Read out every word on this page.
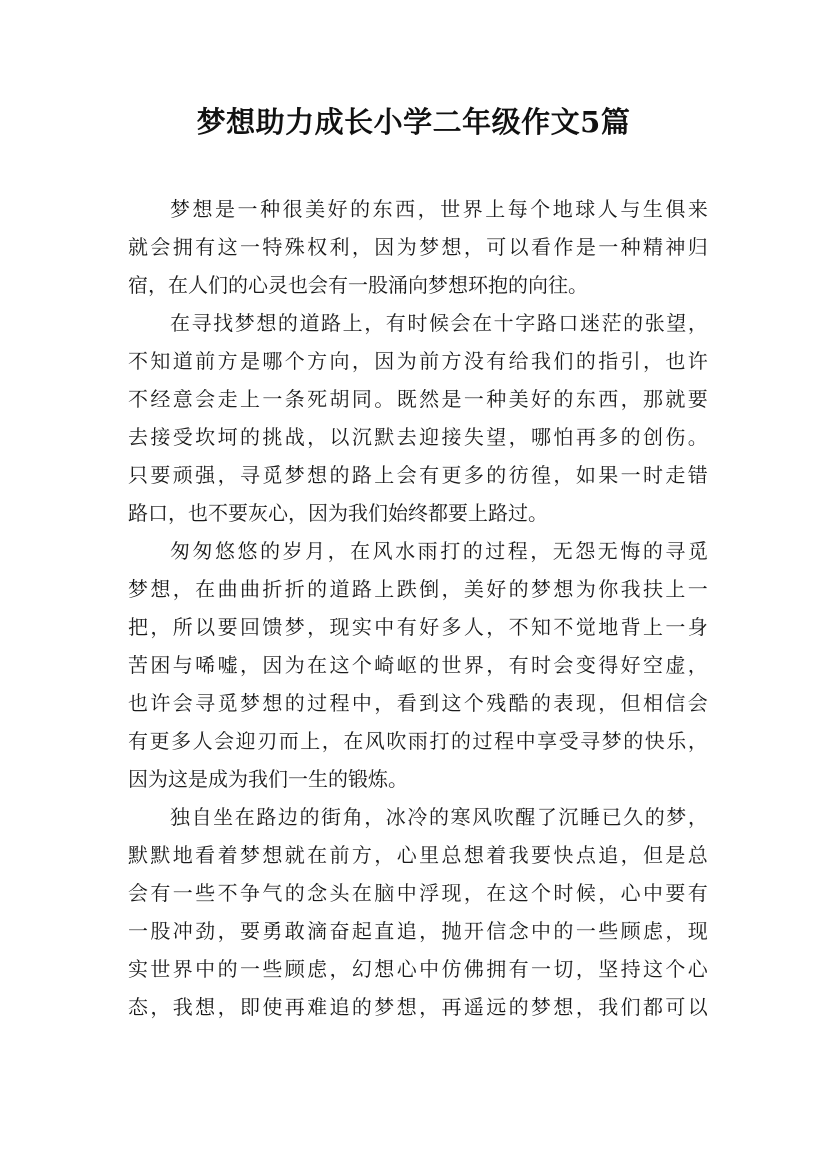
梦想助力成长小学二年级作文5篇
梦 想 是 一 种 很 美 好 的 东 西 ， 世 界 上 每 个 地 球 人 与 生 俱 来
就 会 拥 有 这 一 特 殊 权 利 ， 因 为 梦 想 ， 可 以 看 作 是 一 种 精 神 归
宿 ， 在 人 们 的 心 灵 也 会 有 一 股 涌 向 梦 想 环 抱 的 向 往 。
在 寻 找 梦 想 的 道 路 上 ， 有 时 候 会 在 十 字 路 口 迷 茫 的 张 望 ，
不 知 道 前 方 是 哪 个 方 向 ， 因 为 前 方 没 有 给 我 们 的 指 引 ， 也 许
不 经 意 会 走 上 一 条 死 胡 同 。 既 然 是 一 种 美 好 的 东 西 ， 那 就 要
去 接 受 坎 坷 的 挑 战 ， 以 沉 默 去 迎 接 失 望 ， 哪 怕 再 多 的 创 伤 。
只 要 顽 强 ， 寻 觅 梦 想 的 路 上 会 有 更 多 的 彷 徨 ， 如 果 一 时 走 错
路 口 ， 也 不 要 灰 心 ， 因 为 我 们 始 终 都 要 上 路 过 。
匆 匆 悠 悠 的 岁 月 ， 在 风 水 雨 打 的 过 程 ， 无 怨 无 悔 的 寻 觅
梦 想 ， 在 曲 曲 折 折 的 道 路 上 跌 倒 ， 美 好 的 梦 想 为 你 我 扶 上 一
把 ， 所 以 要 回 馈 梦 ， 现 实 中 有 好 多 人 ， 不 知 不 觉 地 背 上 一 身
苦 困 与 唏 嘘 ， 因 为 在 这 个 崎 岖 的 世 界 ， 有 时 会 变 得 好 空 虚 ，
也 许 会 寻 觅 梦 想 的 过 程 中 ， 看 到 这 个 残 酷 的 表 现 ， 但 相 信 会
有 更 多 人 会 迎 刃 而 上 ， 在 风 吹 雨 打 的 过 程 中 享 受 寻 梦 的 快 乐 ，
因 为 这 是 成 为 我 们 一 生 的 锻 炼 。
独 自 坐 在 路 边 的 街 角 ， 冰 冷 的 寒 风 吹 醒 了 沉 睡 已 久 的 梦 ，
默 默 地 看 着 梦 想 就 在 前 方 ， 心 里 总 想 着 我 要 快 点 追 ， 但 是 总
会 有 一 些 不 争 气 的 念 头 在 脑 中 浮 现 ， 在 这 个 时 候 ， 心 中 要 有
一 股 冲 劲 ， 要 勇 敢 滴 奋 起 直 追 ， 抛 开 信 念 中 的 一 些 顾 虑 ， 现
实 世 界 中 的 一 些 顾 虑 ， 幻 想 心 中 仿 佛 拥 有 一 切 ， 坚 持 这 个 心
态 ， 我 想 ， 即 使 再 难 追 的 梦 想 ， 再 遥 远 的 梦 想 ， 我 们 都 可 以
